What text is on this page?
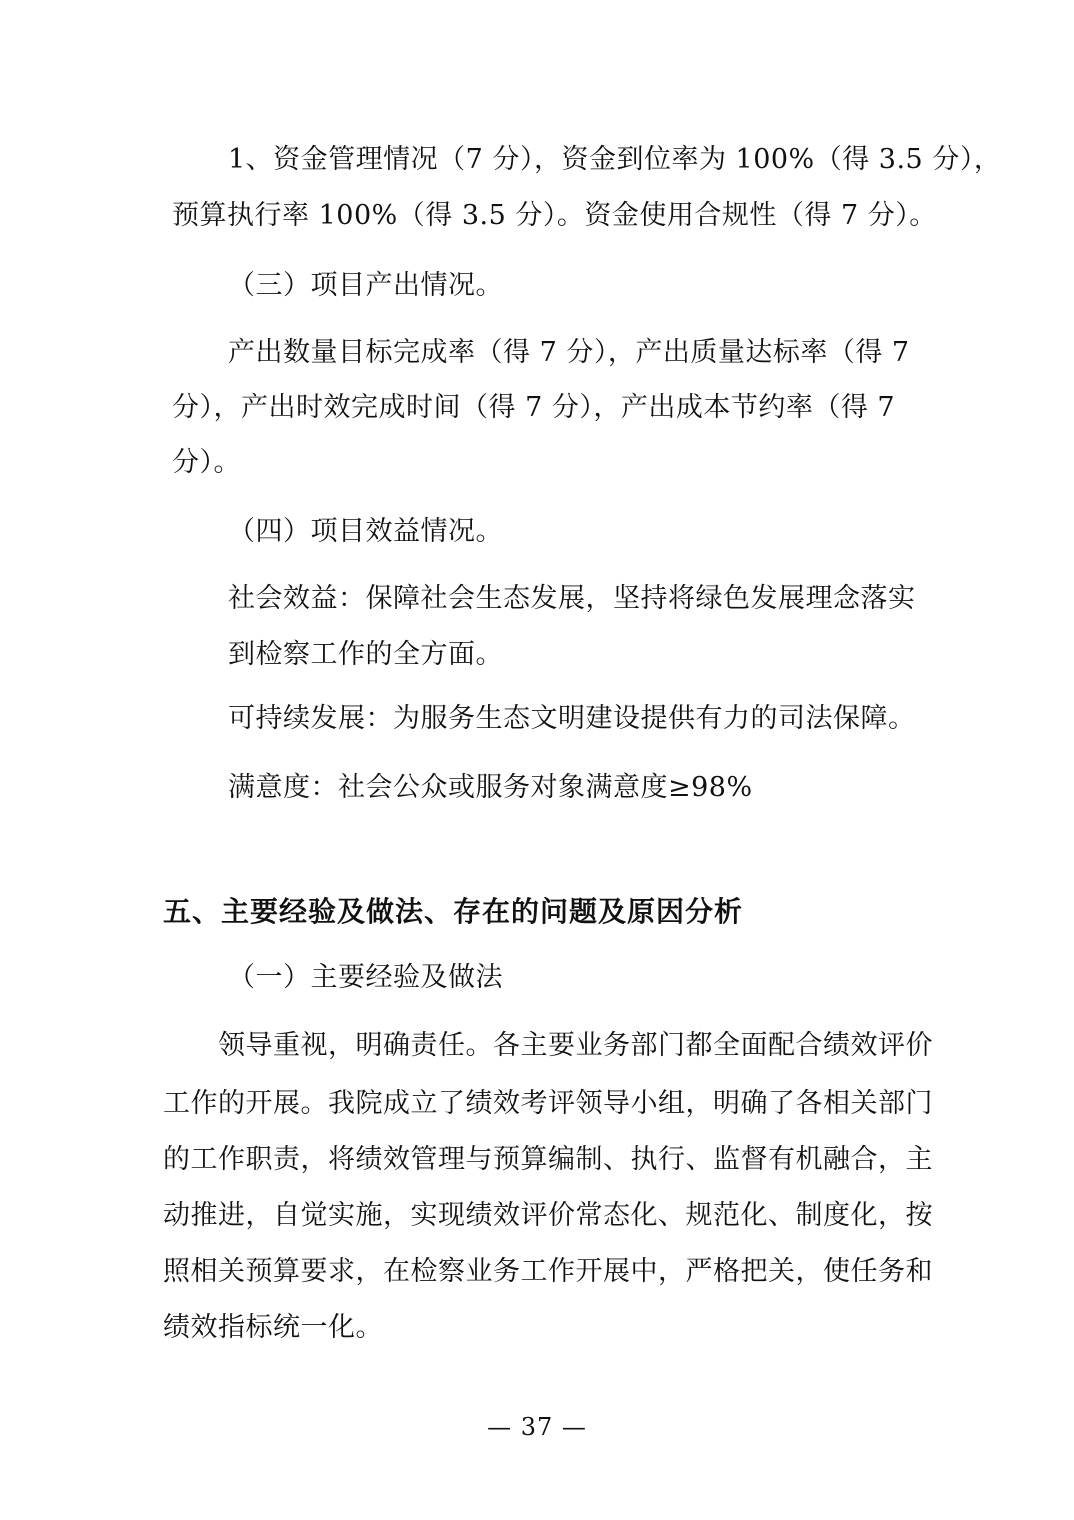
1、资金管理情况（7 分），资金到位率为 100%（得 3.5 分），
预算执行率 100%（得 3.5 分）。资金使用合规性（得 7 分）。
（三）项目产出情况。
产出数量目标完成率（得 7 分），产出质量达标率（得 7
分），产出时效完成时间（得 7 分），产出成本节约率（得 7
分）。
（四）项目效益情况。
社会效益：保障社会生态发展，坚持将绿色发展理念落实
到检察工作的全方面。
可持续发展：为服务生态文明建设提供有力的司法保障。
满意度：社会公众或服务对象满意度≥98%
五、主要经验及做法、存在的问题及原因分析
（一）主要经验及做法
领导重视，明确责任。各主要业务部门都全面配合绩效评价
工作的开展。我院成立了绩效考评领导小组，明确了各相关部门
的工作职责，将绩效管理与预算编制、执行、监督有机融合，主
动推进，自觉实施，实现绩效评价常态化、规范化、制度化，按
照相关预算要求，在检察业务工作开展中，严格把关，使任务和
绩效指标统一化。
— 37 —
